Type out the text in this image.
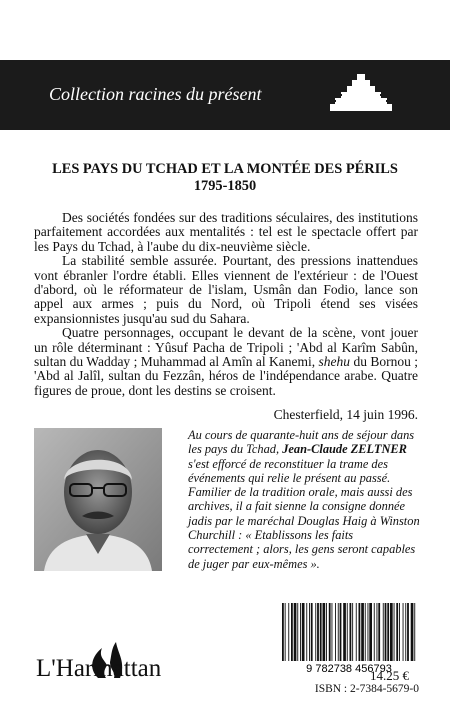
Collection racines du présent
LES PAYS DU TCHAD ET LA MONTÉE DES PÉRILS
1795-1850

Des sociétés fondées sur des traditions séculaires, des institutions parfaitement accordées aux mentalités : tel est le spectacle offert par les Pays du Tchad, à l'aube du dix-neuvième siècle.

La stabilité semble assurée. Pourtant, des pressions inattendues vont ébranler l'ordre établi. Elles viennent de l'extérieur : de l'Ouest d'abord, où le réformateur de l'islam, Usmân dan Fodio, lance son appel aux armes ; puis du Nord, où Tripoli étend ses visées expansionnistes jusqu'au sud du Sahara.

Quatre personnages, occupant le devant de la scène, vont jouer un rôle déterminant : Yûsuf Pacha de Tripoli ; 'Abd al Karîm Sabûn, sultan du Wadday ; Muhammad al Amîn al Kanemi, shehu du Bornou ; 'Abd al Jalîl, sultan du Fezzân, héros de l'indépendance arabe. Quatre figures de proue, dont les destins se croisent.

Chesterfield, 14 juin 1996.

Au cours de quarante-huit ans de séjour dans les pays du Tchad, Jean-Claude ZELTNER s'est efforcé de reconstituer la trame des événements qui relie le présent au passé. Familier de la tradition orale, mais aussi des archives, il a fait sienne la consigne donnée jadis par le maréchal Douglas Haig à Winston Churchill : « Etablissons les faits correctement ; alors, les gens seront capables de juger par eux-mêmes ».
9 782738 456793
L'Harmattan	14.25 €
ISBN : 2-7384-5679-0
